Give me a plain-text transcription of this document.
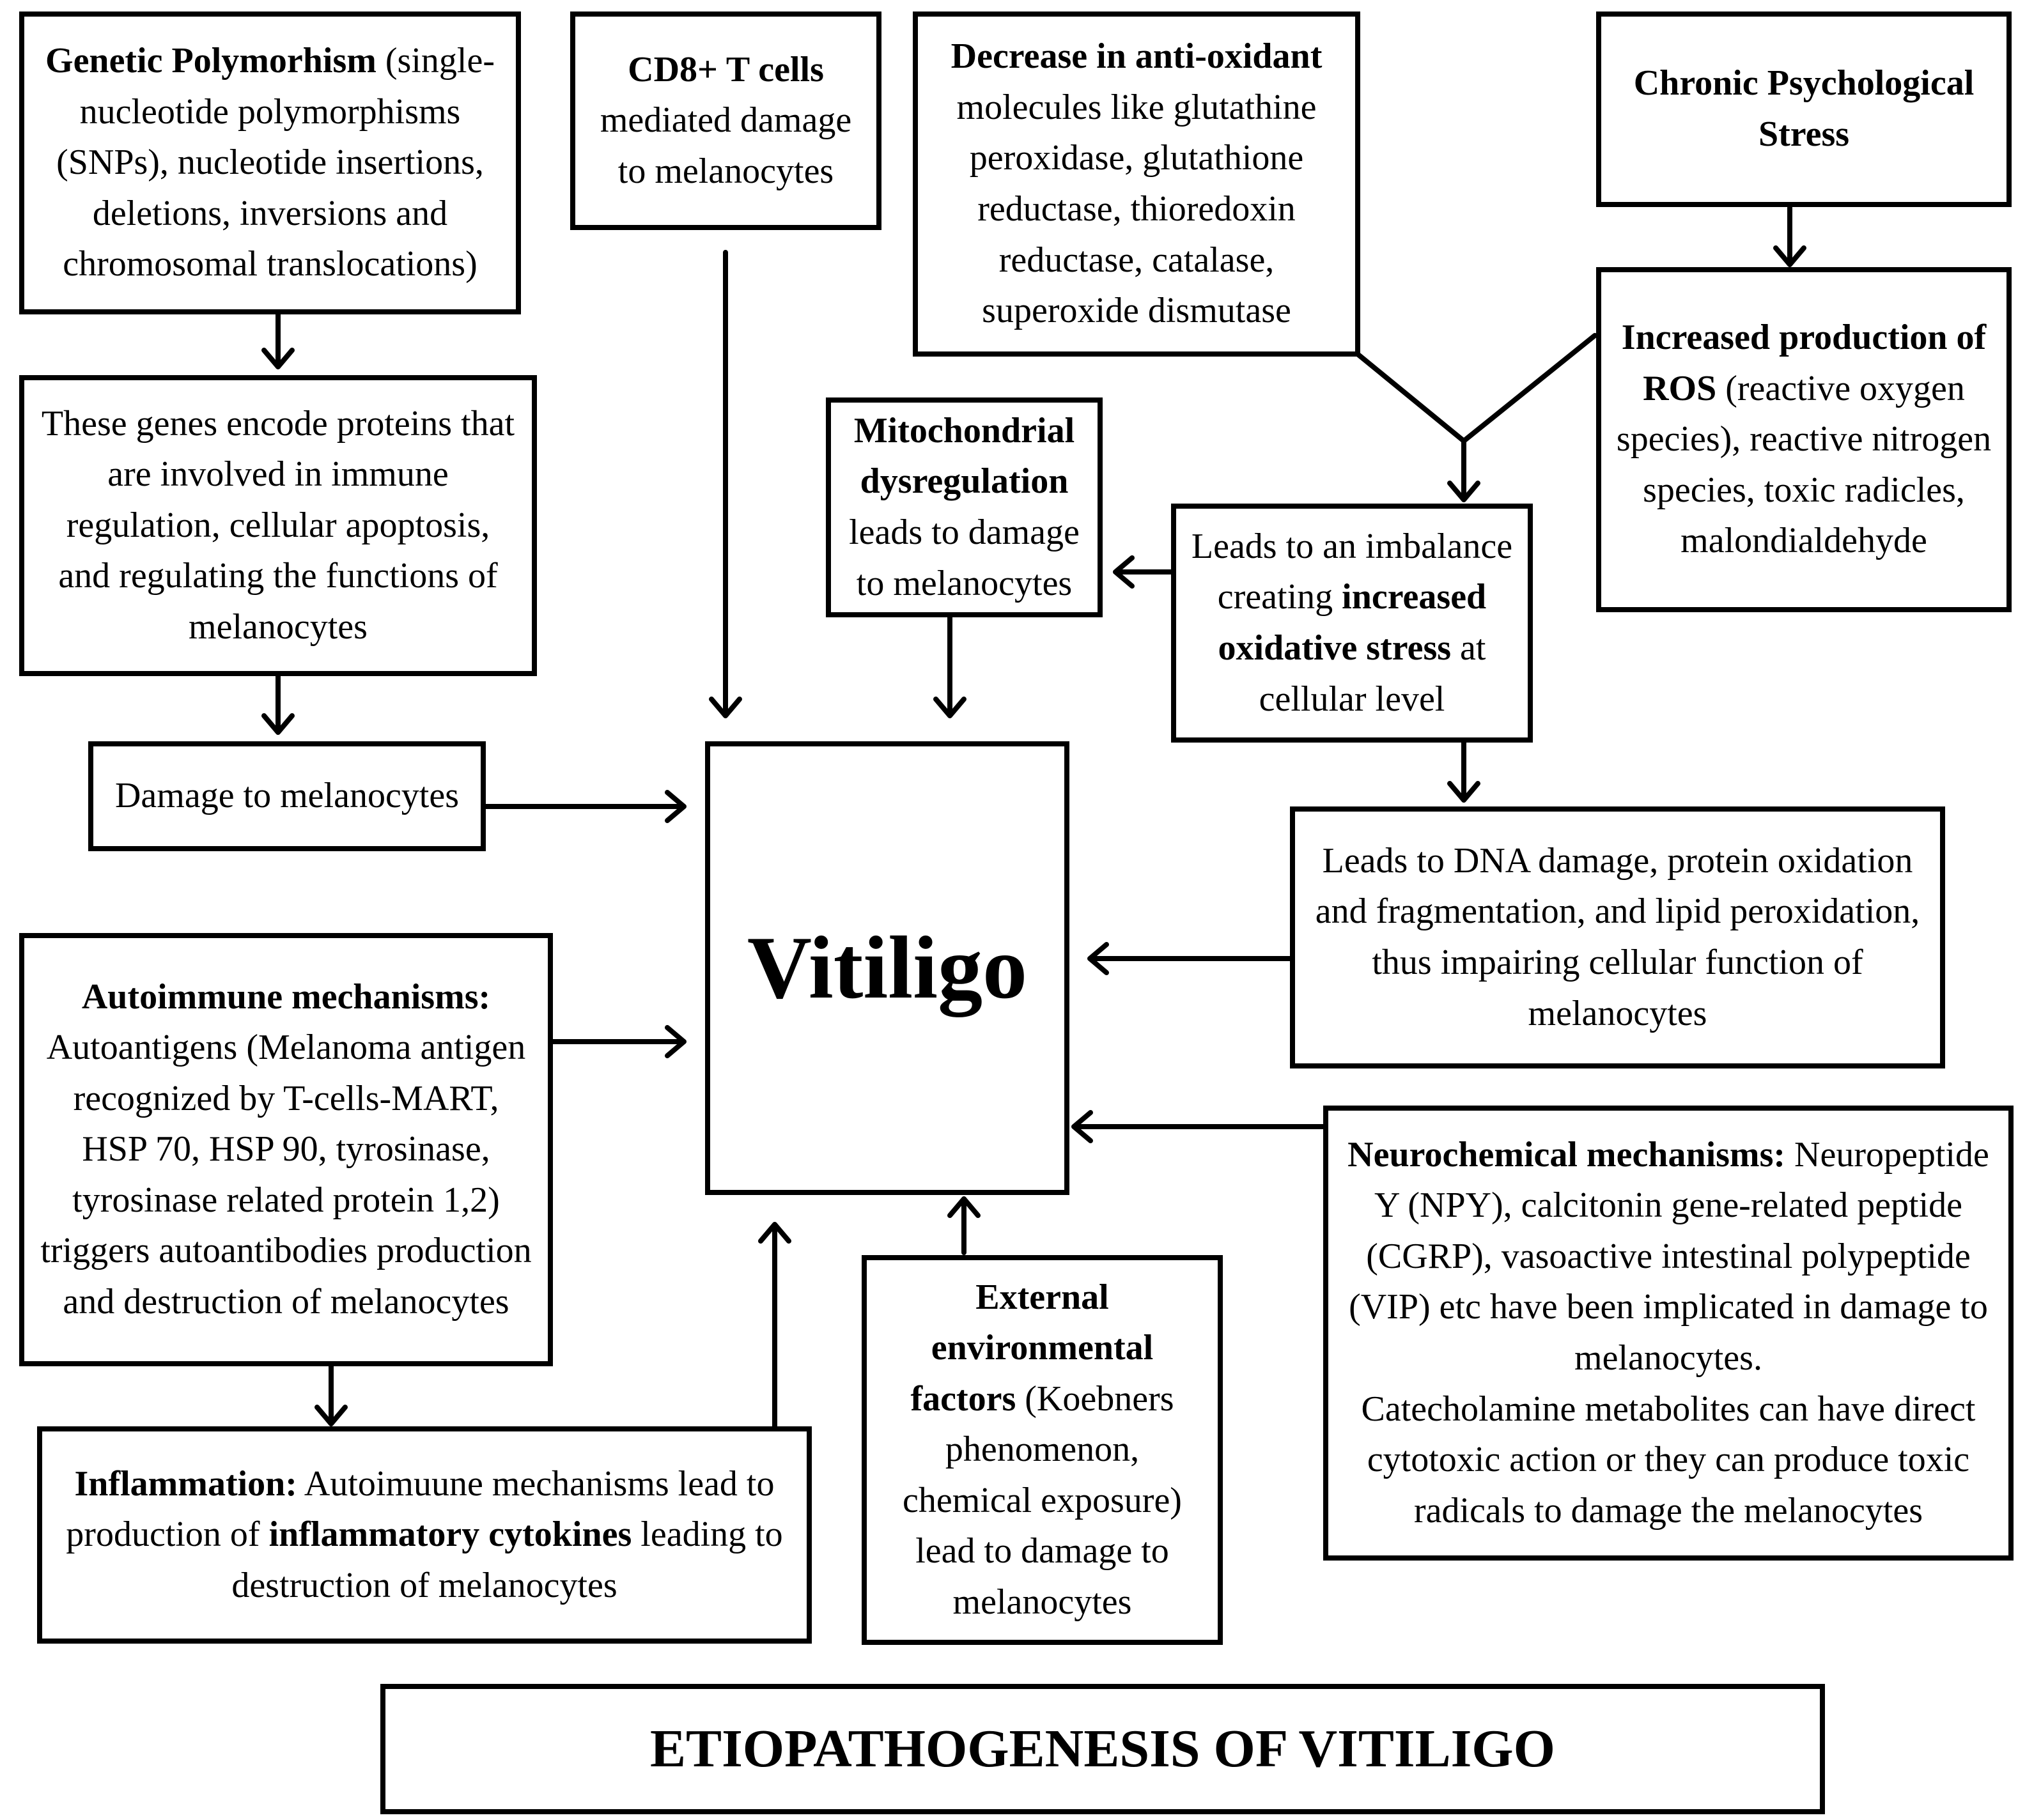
Genetic Polymorhism (single-nucleotide polymorphisms (SNPs), nucleotide insertions, deletions, inversions and chromosomal translocations)

These genes encode proteins that are involved in immune regulation, cellular apoptosis, and regulating the functions of melanocytes

Damage to melanocytes

CD8+ T cells mediated damage to melanocytes

Decrease in anti-oxidant molecules like glutathine peroxidase, glutathione reductase, thioredoxin reductase, catalase, superoxide dismutase

Chronic Psychological Stress

Increased production of ROS (reactive oxygen species), reactive nitrogen species, toxic radicles, malondialdehyde

Mitochondrial dysregulation leads to damage to melanocytes

Leads to an imbalance creating increased oxidative stress at cellular level

Vitiligo

Leads to DNA damage, protein oxidation and fragmentation, and lipid peroxidation, thus impairing cellular function of melanocytes

Autoimmune mechanisms:

Autoantigens (Melanoma antigen recognized by T-cells-MART, HSP 70, HSP 90, tyrosinase, tyrosinase related protein 1,2) triggers autoantibodies production and destruction of melanocytes

Neurochemical mechanisms: Neuropeptide Y (NPY), calcitonin gene-related peptide (CGRP), vasoactive intestinal polypeptide (VIP) etc have been implicated in damage to melanocytes.

Catecholamine metabolites can have direct cytotoxic action or they can produce toxic radicals to damage the melanocytes

Inflammation: Autoimuune mechanisms lead to production of inflammatory cytokines leading to destruction of melanocytes

External environmental factors (Koebners phenomenon, chemical exposure) lead to damage to melanocytes

ETIOPATHOGENESIS OF VITILIGO
